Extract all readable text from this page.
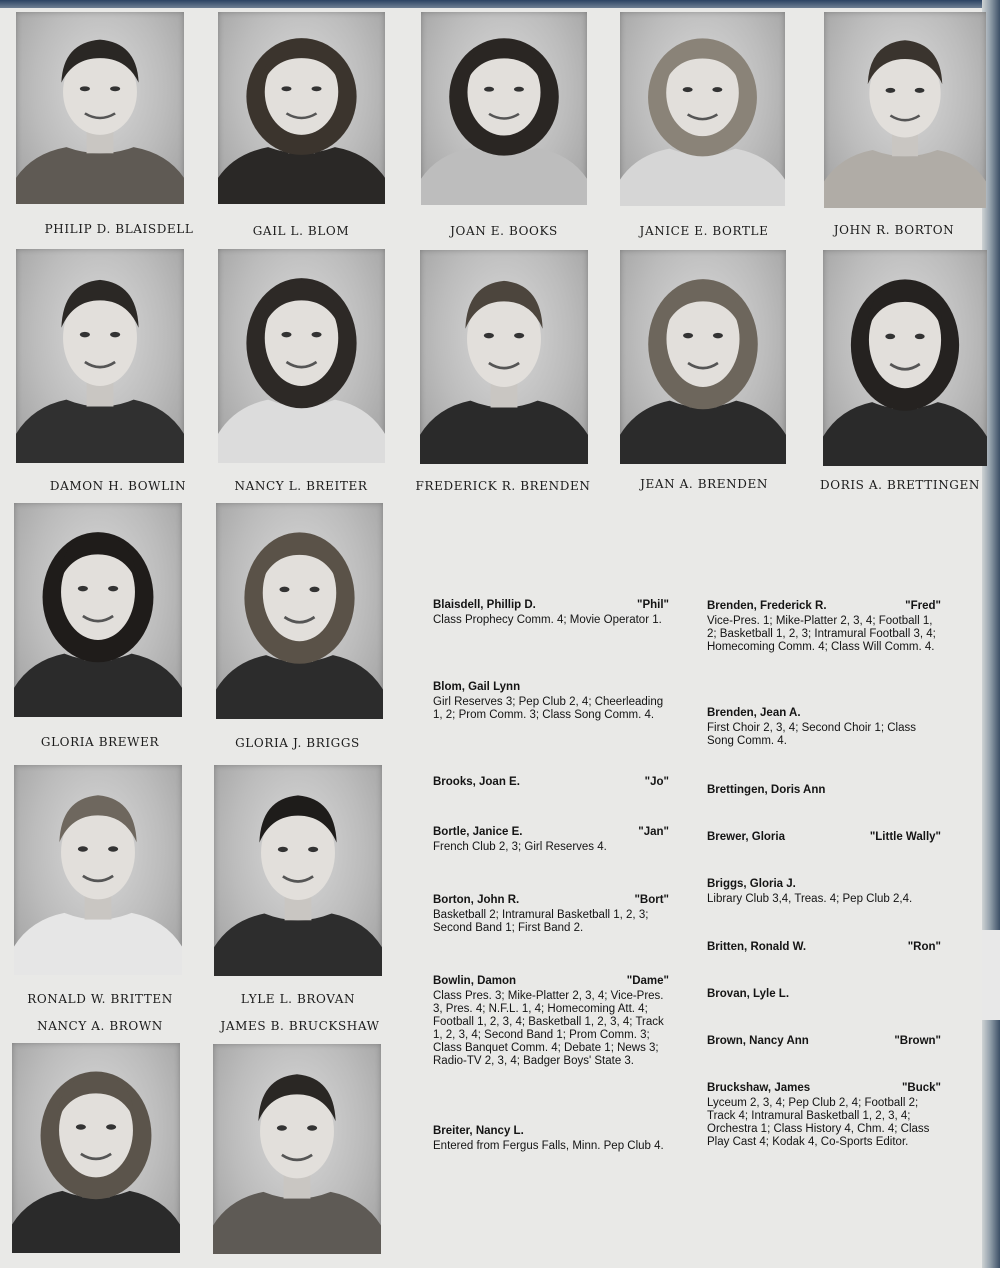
PHILIP D. BLAISDELL	GAIL L. BLOM	JOAN E. BOOKS	JANICE E. BORTLE	JOHN R. BORTON
DAMON H. BOWLIN	NANCY L. BREITER	FREDERICK R. BRENDEN	JEAN A. BRENDEN	DORIS A. BRETTINGEN
GLORIA BREWER	GLORIA J. BRIGGS
RONALD W. BRITTEN	LYLE L. BROVAN
NANCY A. BROWN	JAMES B. BRUCKSHAW
Blaisdell, Phillip D.	"Phil"
Class Prophecy Comm. 4; Movie Operator 1.
Blom, Gail Lynn
Girl Reserves 3; Pep Club 2, 4; Cheerleading 1, 2; Prom Comm. 3; Class Song Comm. 4.
Brooks, Joan E.	"Jo"
Bortle, Janice E.	"Jan"
French Club 2, 3; Girl Reserves 4.
Borton, John R.	"Bort"
Basketball 2; Intramural Basketball 1, 2, 3; Second Band 1; First Band 2.
Bowlin, Damon	"Dame"
Class Pres. 3; Mike-Platter 2, 3, 4; Vice-Pres. 3, Pres. 4; N.F.L. 1, 4; Homecoming Att. 4; Football 1, 2, 3, 4; Basketball 1, 2, 3, 4; Track 1, 2, 3, 4; Second Band 1; Prom Comm. 3; Class Banquet Comm. 4; Debate 1; News 3; Radio-TV 2, 3, 4; Badger Boys' State 3.
Breiter, Nancy L.
Entered from Fergus Falls, Minn. Pep Club 4.
Brenden, Frederick R.	"Fred"
Vice-Pres. 1; Mike-Platter 2, 3, 4; Football 1, 2; Basketball 1, 2, 3; Intramural Football 3, 4; Homecoming Comm. 4; Class Will Comm. 4.
Brenden, Jean A.
First Choir 2, 3, 4; Second Choir 1; Class Song Comm. 4.
Brettingen, Doris Ann
Brewer, Gloria	"Little Wally"
Briggs, Gloria J.
Library Club 3,4, Treas. 4; Pep Club 2,4.
Britten, Ronald W.	"Ron"
Brovan, Lyle L.
Brown, Nancy Ann	"Brown"
Bruckshaw, James	"Buck"
Lyceum 2, 3, 4; Pep Club 2, 4; Football 2; Track 4; Intramural Basketball 1, 2, 3, 4; Orchestra 1; Class History 4, Chm. 4; Class Play Cast 4; Kodak 4, Co-Sports Editor.
